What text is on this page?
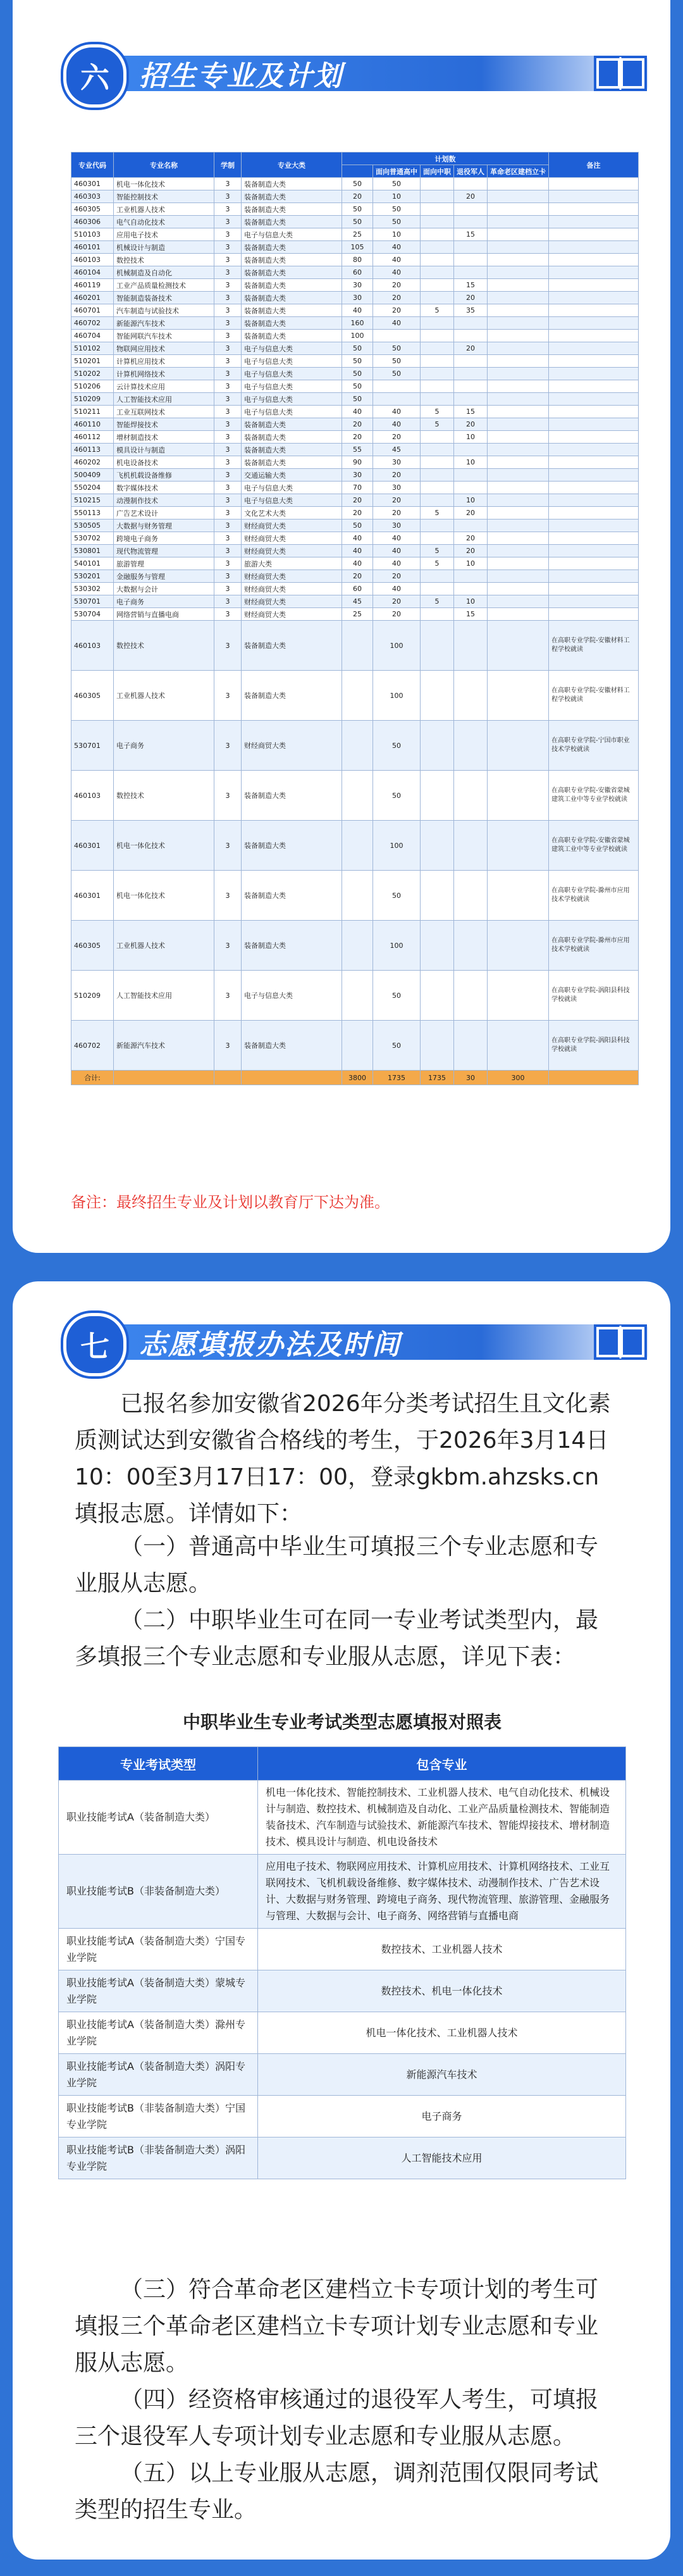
六	招生专业及计划
专业代码	专业名称	学制	专业大类	计划数					备注
					面向普通高中	面向中职	退役军人	革命老区建档立卡	
460301	机电一体化技术	3	装备制造大类	50	50				
460303	智能控制技术	3	装备制造大类	20	10		20		
460305	工业机器人技术	3	装备制造大类	50	50				
460306	电气自动化技术	3	装备制造大类	50	50				
510103	应用电子技术	3	电子与信息大类	25	10		15		
460101	机械设计与制造	3	装备制造大类	105	40				
460103	数控技术	3	装备制造大类	80	40				
460104	机械制造及自动化	3	装备制造大类	60	40				
460119	工业产品质量检测技术	3	装备制造大类	30	20		15		
460201	智能制造装备技术	3	装备制造大类	30	20		20		
460701	汽车制造与试验技术	3	装备制造大类	40	20	5	35		
460702	新能源汽车技术	3	装备制造大类	160	40				
460704	智能网联汽车技术	3	装备制造大类	100					
510102	物联网应用技术	3	电子与信息大类	50	50		20		
510201	计算机应用技术	3	电子与信息大类	50	50				
510202	计算机网络技术	3	电子与信息大类	50	50				
510206	云计算技术应用	3	电子与信息大类	50					
510209	人工智能技术应用	3	电子与信息大类	50					
510211	工业互联网技术	3	电子与信息大类	40	40	5	15		
460110	智能焊接技术	3	装备制造大类	20	40	5	20		
460112	增材制造技术	3	装备制造大类	20	20		10		
460113	模具设计与制造	3	装备制造大类	55	45				
460202	机电设备技术	3	装备制造大类	90	30		10		
500409	飞机机载设备维修	3	交通运输大类	30	20				
550204	数字媒体技术	3	电子与信息大类	70	30				
510215	动漫制作技术	3	电子与信息大类	20	20		10		
550113	广告艺术设计	3	文化艺术大类	20	20	5	20		
530505	大数据与财务管理	3	财经商贸大类	50	30				
530702	跨境电子商务	3	财经商贸大类	40	40		20		
530801	现代物流管理	3	财经商贸大类	40	40	5	20		
540101	旅游管理	3	旅游大类	40	40	5	10		
530201	金融服务与管理	3	财经商贸大类	20	20				
530302	大数据与会计	3	财经商贸大类	60	40				
530701	电子商务	3	财经商贸大类	45	20	5	10		
530704	网络营销与直播电商	3	财经商贸大类	25	20		15		
460103	数控技术	3	装备制造大类		100				在高职专业学院-安徽材料工程学校就读
460305	工业机器人技术	3	装备制造大类		100				在高职专业学院-安徽材料工程学校就读
530701	电子商务	3	财经商贸大类		50				在高职专业学院-宁国市职业技术学校就读
460103	数控技术	3	装备制造大类		50				在高职专业学院-安徽省蒙城建筑工业中等专业学校就读
460301	机电一体化技术	3	装备制造大类		100				在高职专业学院-安徽省蒙城建筑工业中等专业学校就读
460301	机电一体化技术	3	装备制造大类		50				在高职专业学院-滁州市应用技术学校就读
460305	工业机器人技术	3	装备制造大类		100				在高职专业学院-滁州市应用技术学校就读
510209	人工智能技术应用	3	电子与信息大类		50				在高职专业学院-涡阳县科技学校就读
460702	新能源汽车技术	3	装备制造大类		50				在高职专业学院-涡阳县科技学校就读
合计:				3800	1735	1735	30	300	
备注：最终招生专业及计划以教育厅下达为准。
七	志愿填报办法及时间
已报名参加安徽省2026年分类考试招生且文化素质测试达到安徽省合格线的考生，于2026年3月14日10：00至3月17日17：00，登录gkbm.ahzsks.cn填报志愿。详情如下：
（一）普通高中毕业生可填报三个专业志愿和专业服从志愿。
（二）中职毕业生可在同一专业考试类型内，最多填报三个专业志愿和专业服从志愿，详见下表：
中职毕业生专业考试类型志愿填报对照表
专业考试类型	包含专业
职业技能考试A（装备制造大类）	机电一体化技术、智能控制技术、工业机器人技术、电气自动化技术、机械设计与制造、数控技术、机械制造及自动化、工业产品质量检测技术、智能制造装备技术、汽车制造与试验技术、新能源汽车技术、智能焊接技术、增材制造技术、模具设计与制造、机电设备技术
职业技能考试B（非装备制造大类）	应用电子技术、物联网应用技术、计算机应用技术、计算机网络技术、工业互联网技术、飞机机载设备维修、数字媒体技术、动漫制作技术、广告艺术设计、大数据与财务管理、跨境电子商务、现代物流管理、旅游管理、金融服务与管理、大数据与会计、电子商务、网络营销与直播电商
职业技能考试A（装备制造大类）宁国专业学院	数控技术、工业机器人技术
职业技能考试A（装备制造大类）蒙城专业学院	数控技术、机电一体化技术
职业技能考试A（装备制造大类）滁州专业学院	机电一体化技术、工业机器人技术
职业技能考试A（装备制造大类）涡阳专业学院	新能源汽车技术
职业技能考试B（非装备制造大类）宁国专业学院	电子商务
职业技能考试B（非装备制造大类）涡阳专业学院	人工智能技术应用
（三）符合革命老区建档立卡专项计划的考生可填报三个革命老区建档立卡专项计划专业志愿和专业服从志愿。
（四）经资格审核通过的退役军人考生，可填报三个退役军人专项计划专业志愿和专业服从志愿。
（五）以上专业服从志愿，调剂范围仅限同考试类型的招生专业。
